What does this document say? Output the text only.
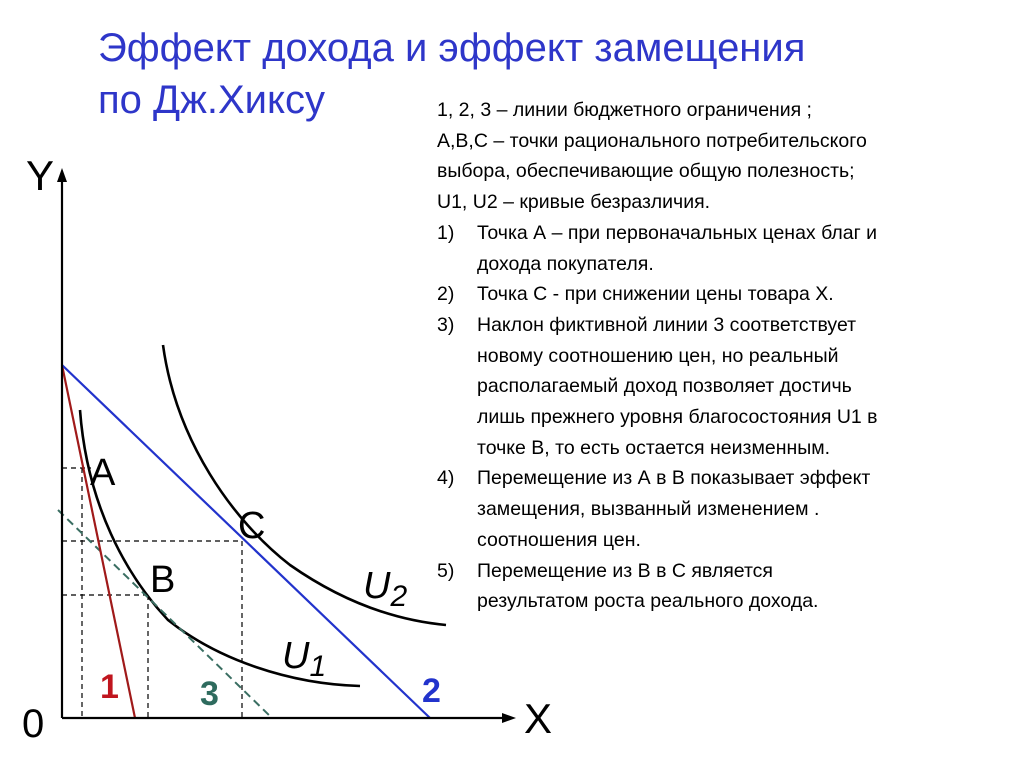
Эффект дохода и эффект замещения
по Дж.Хиксу
Y
X
0
A
B
C
$U_2$
$U_1$
1 3	2
1, 2, 3 – линии бюджетного ограничения ;
A,B,C – точки рационального потребительского
выбора, обеспечивающие общую полезность;
U1, U2 – кривые безразличия.
1)	Точка А – при первоначальных ценах благ и
дохода покупателя.
2)	Точка С - при снижении цены товара Х.
3)	Наклон фиктивной линии 3 соответствует
новому соотношению цен, но реальный
располагаемый доход позволяет достичь
лишь прежнего уровня благосостояния U1 в
точке В, то есть остается неизменным.
4)	Перемещение из А в В показывает эффект
замещения, вызванный изменением .
соотношения цен.
5)	Перемещение из В в С является
результатом роста реального дохода.
